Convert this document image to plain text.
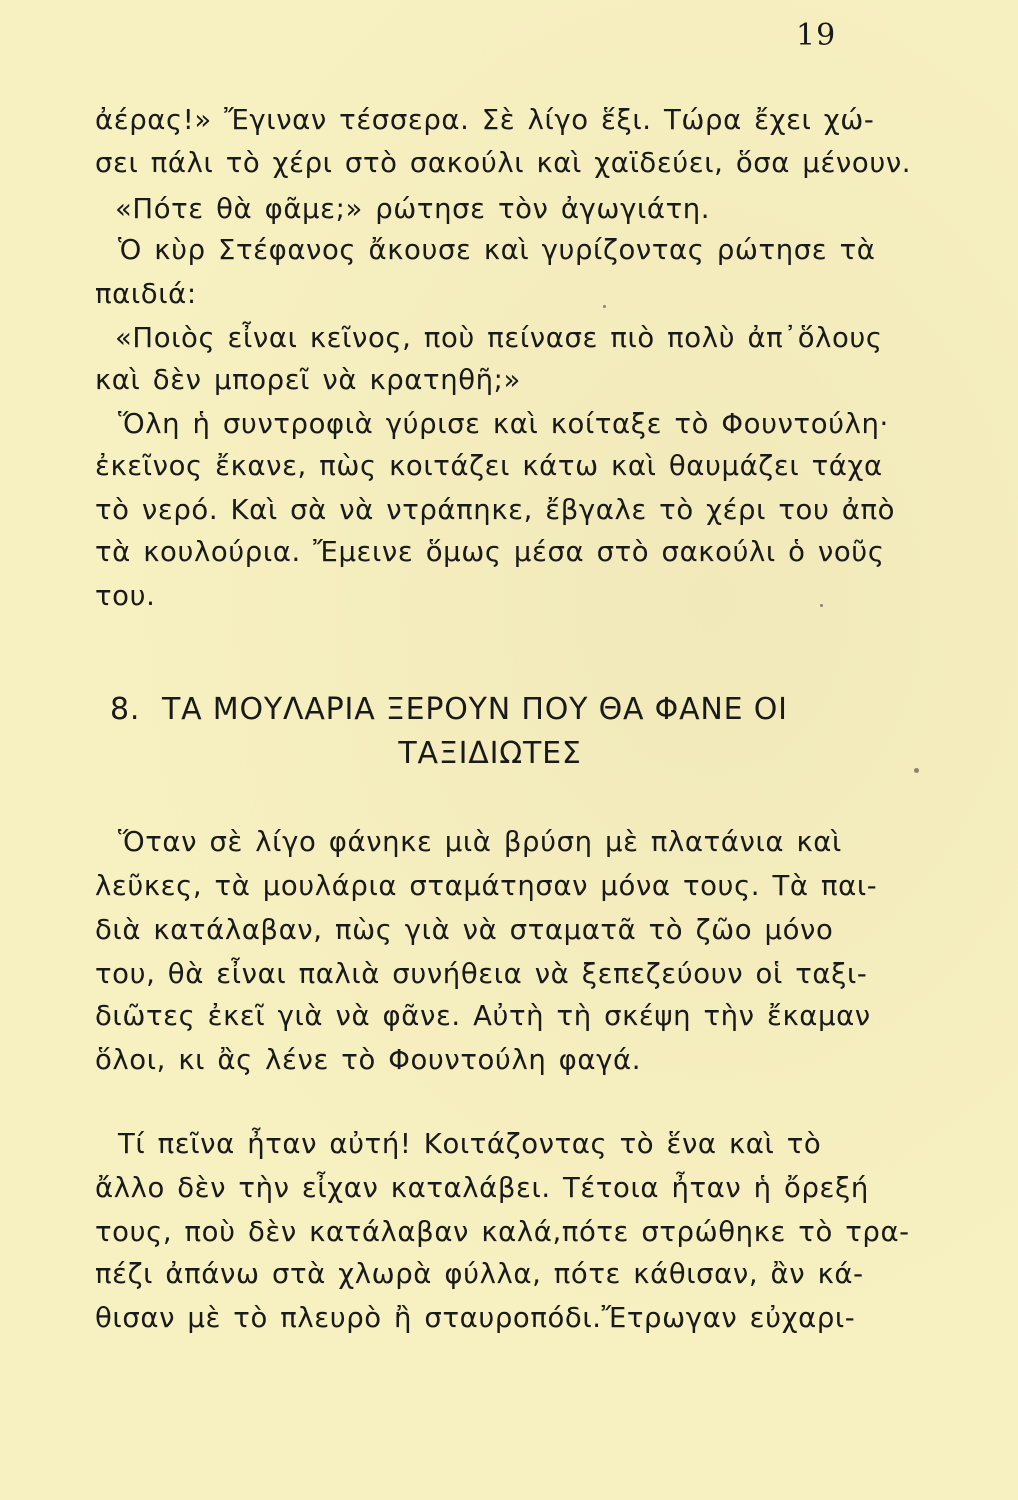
19
ἀέρας!» Ἔγιναν τέσσερα. Σὲ λίγο ἕξι. Τώρα ἔχει χώ-
σει πάλι τὸ χέρι στὸ σακούλι καὶ χαϊδεύει, ὅσα μένουν.
«Πότε θὰ φᾶμε;» ρώτησε τὸν ἀγωγιάτη.
Ὁ κὺρ Στέφανος ἄκουσε καὶ γυρίζοντας ρώτησε τὰ
παιδιά:
«Ποιὸς εἶναι κεῖνος, ποὺ πείνασε πιὸ πολὺ ἀπ᾿ὅλους
καὶ δὲν μπορεῖ νὰ κρατηθῆ;»
Ὅλη ἡ συντροφιὰ γύρισε καὶ κοίταξε τὸ Φουντούλη·
ἐκεῖνος ἔκανε, πὼς κοιτάζει κάτω καὶ θαυμάζει τάχα
τὸ νερό. Καὶ σὰ νὰ ντράπηκε, ἔβγαλε τὸ χέρι του ἀπὸ
τὰ κουλούρια. Ἔμεινε ὅμως μέσα στὸ σακούλι ὁ νοῦς
του.
8. ΤΑ ΜΟΥΛΑΡΙΑ ΞΕΡΟΥΝ ΠΟΥ ΘΑ ΦΑΝΕ ΟΙ
ΤΑΞΙΔΙΩΤΕΣ
Ὅταν σὲ λίγο φάνηκε μιὰ βρύση μὲ πλατάνια καὶ
λεῦκες, τὰ μουλάρια σταμάτησαν μόνα τους. Τὰ παι-
διὰ κατάλαβαν, πὼς γιὰ νὰ σταματᾶ τὸ ζῶο μόνο
του, θὰ εἶναι παλιὰ συνήθεια νὰ ξεπεζεύουν οἱ ταξι-
διῶτες ἐκεῖ γιὰ νὰ φᾶνε. Αὐτὴ τὴ σκέψη τὴν ἔκαμαν
ὅλοι, κι ἂς λένε τὸ Φουντούλη φαγά.
Τί πεῖνα ἦταν αὐτή! Κοιτάζοντας τὸ ἕνα καὶ τὸ
ἄλλο δὲν τὴν εἶχαν καταλάβει. Τέτοια ἦταν ἡ ὄρεξή
τους, ποὺ δὲν κατάλαβαν καλά,πότε στρώθηκε τὸ τρα-
πέζι ἀπάνω στὰ χλωρὰ φύλλα, πότε κάθισαν, ἂν κά-
θισαν μὲ τὸ πλευρὸ ἢ σταυροπόδι.Ἔτρωγαν εὐχαρι-
